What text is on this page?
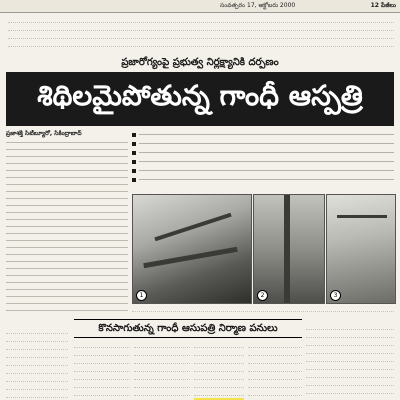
సంవత్సరం 17, అక్టోబరు 2000	12 పేజీలు
ప్రజారోగ్యంపై ప్రభుత్వ నిర్లక్ష్యానికి దర్పణం
శిథిలమైపోతున్న గాంధీ ఆస్పత్రి
ప్రజాశక్తి సిటీబ్యూరో, సికింద్రాబాద్
1	2	3
కొనసాగుతున్న గాంధీ ఆసుపత్రి నిర్మాణ పనులు
